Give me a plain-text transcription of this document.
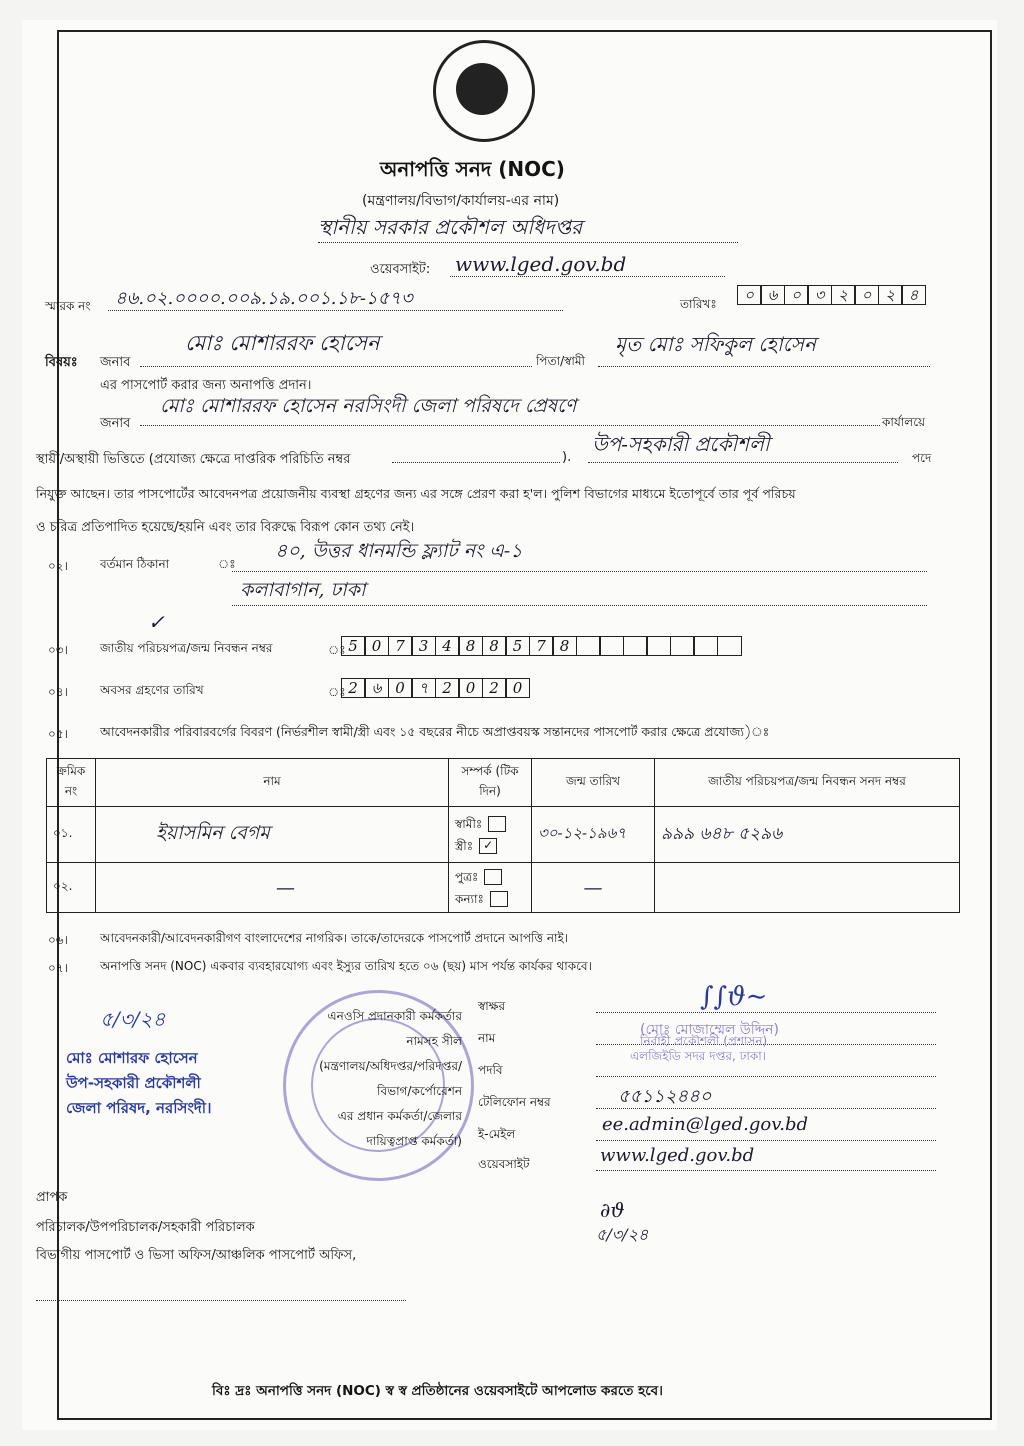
অনাপত্তি সনদ (NOC)
(মন্ত্রণালয়/বিভাগ/কার্যালয়-এর নাম)
স্থানীয় সরকার প্রকৌশল অধিদপ্তর
ওয়েবসাইট: www.lged.gov.bd
স্মারক নং ৪৬.০২.০০০০.০০৯.১৯.০০১.১৮-১৫৭৩	তারিখঃ	০ ৬ ০ ৩ ২ ০ ২ ৪
বিষয়ঃ জনাব
মোঃ মোশাররফ হোসেন
পিতা/স্বামী
মৃত মোঃ সফিকুল হোসেন
এর পাসপোর্ট করার জন্য অনাপত্তি প্রদান।
জনাব
মোঃ মোশাররফ হোসেন নরসিংদী জেলা পরিষদে প্রেষণে
কার্যালয়ে
স্থায়ী/অস্থায়ী ভিত্তিতে (প্রযোজ্য ক্ষেত্রে দাপ্তরিক পরিচিতি নম্বর	).
উপ-সহকারী প্রকৌশলী
পদে
নিযুক্ত আছেন। তার পাসপোর্টের আবেদনপত্র প্রয়োজনীয় ব্যবস্থা গ্রহণের জন্য এর সঙ্গে প্রেরণ করা হ'ল। পুলিশ বিভাগের মাধ্যমে ইতোপূর্বে তার পূর্ব পরিচয়
ও চরিত্র প্রতিপাদিত হয়েছে/হয়নি এবং তার বিরুদ্ধে বিরূপ কোন তথ্য নেই।
০২।	বর্তমান ঠিকানা	ঃ
৪০, উত্তর ধানমন্ডি ফ্ল্যাট নং এ-১
কলাবাগান, ঢাকা
✓
০৩।	জাতীয় পরিচয়পত্র/জন্ম নিবন্ধন নম্বর	ঃ 5 0 7 3 4 8 8 5 7 8
০৪।	অবসর গ্রহণের তারিখ	ঃ 2 ৬ 0 ৭ 2 0 2 0
০৫।	আবেদনকারীর পরিবারবর্গের বিবরণ (নির্ভরশীল স্বামী/স্ত্রী এবং ১৫ বছরের নীচে অপ্রাপ্তবয়স্ক সন্তানদের পাসপোর্ট করার ক্ষেত্রে প্রযোজ্য)ঃ
ক্রমিক নং	নাম	সম্পর্ক (টিক দিন)	জন্ম তারিখ	জাতীয় পরিচয়পত্র/জন্ম নিবন্ধন সনদ নম্বর
০১.	ইয়াসমিন বেগম	স্বামীঃ
স্ত্রীঃ ✓	৩০-১২-১৯৬৭	৯৯৯ ৬৪৮ ৫২৯৬
০২.	—	পুত্রঃ
কন্যাঃ	—	
০৬।	আবেদনকারী/আবেদনকারীগণ বাংলাদেশের নাগরিক। তাকে/তাদেরকে পাসপোর্ট প্রদানে আপত্তি নাই।
০৭।	অনাপত্তি সনদ (NOC) একবার ব্যবহারযোগ্য এবং ইস্যুর তারিখ হতে ০৬ (ছয়) মাস পর্যন্ত কার্যকর থাকবে।
৫/৩/২৪
মোঃ মোশারফ হোসেন
উপ-সহকারী প্রকৌশলী
জেলা পরিষদ, নরসিংদী।
এনওসি প্রদানকারী কর্মকর্তার
নামসহ সীল
(মন্ত্রণালয়/অধিদপ্তর/পরিদপ্তর/
বিভাগ/কর্পোরেশন
এর প্রধান কর্মকর্তা/জেলার
দায়িত্বপ্রাপ্ত কর্মকর্তা)
স্বাক্ষর	∫∫ϑ∼
নাম	(মোঃ মোজাম্মেল উদ্দিন)
পদবি
নির্বাহী প্রকৌশলী (প্রশাসন)
এলজিইডি সদর দপ্তর, ঢাকা।
টেলিফোন নম্বর	৫৫১১২৪৪০
ই-মেইল	ee.admin@lged.gov.bd
ওয়েবসাইট	www.lged.gov.bd
প্রাপক
পরিচালক/উপপরিচালক/সহকারী পরিচালক
বিভাগীয় পাসপোর্ট ও ভিসা অফিস/আঞ্চলিক পাসপোর্ট অফিস,
৫/৩/২৪
∂ϑ
বিঃ দ্রঃ অনাপত্তি সনদ (NOC) স্ব স্ব প্রতিষ্ঠানের ওয়েবসাইটে আপলোড করতে হবে।
